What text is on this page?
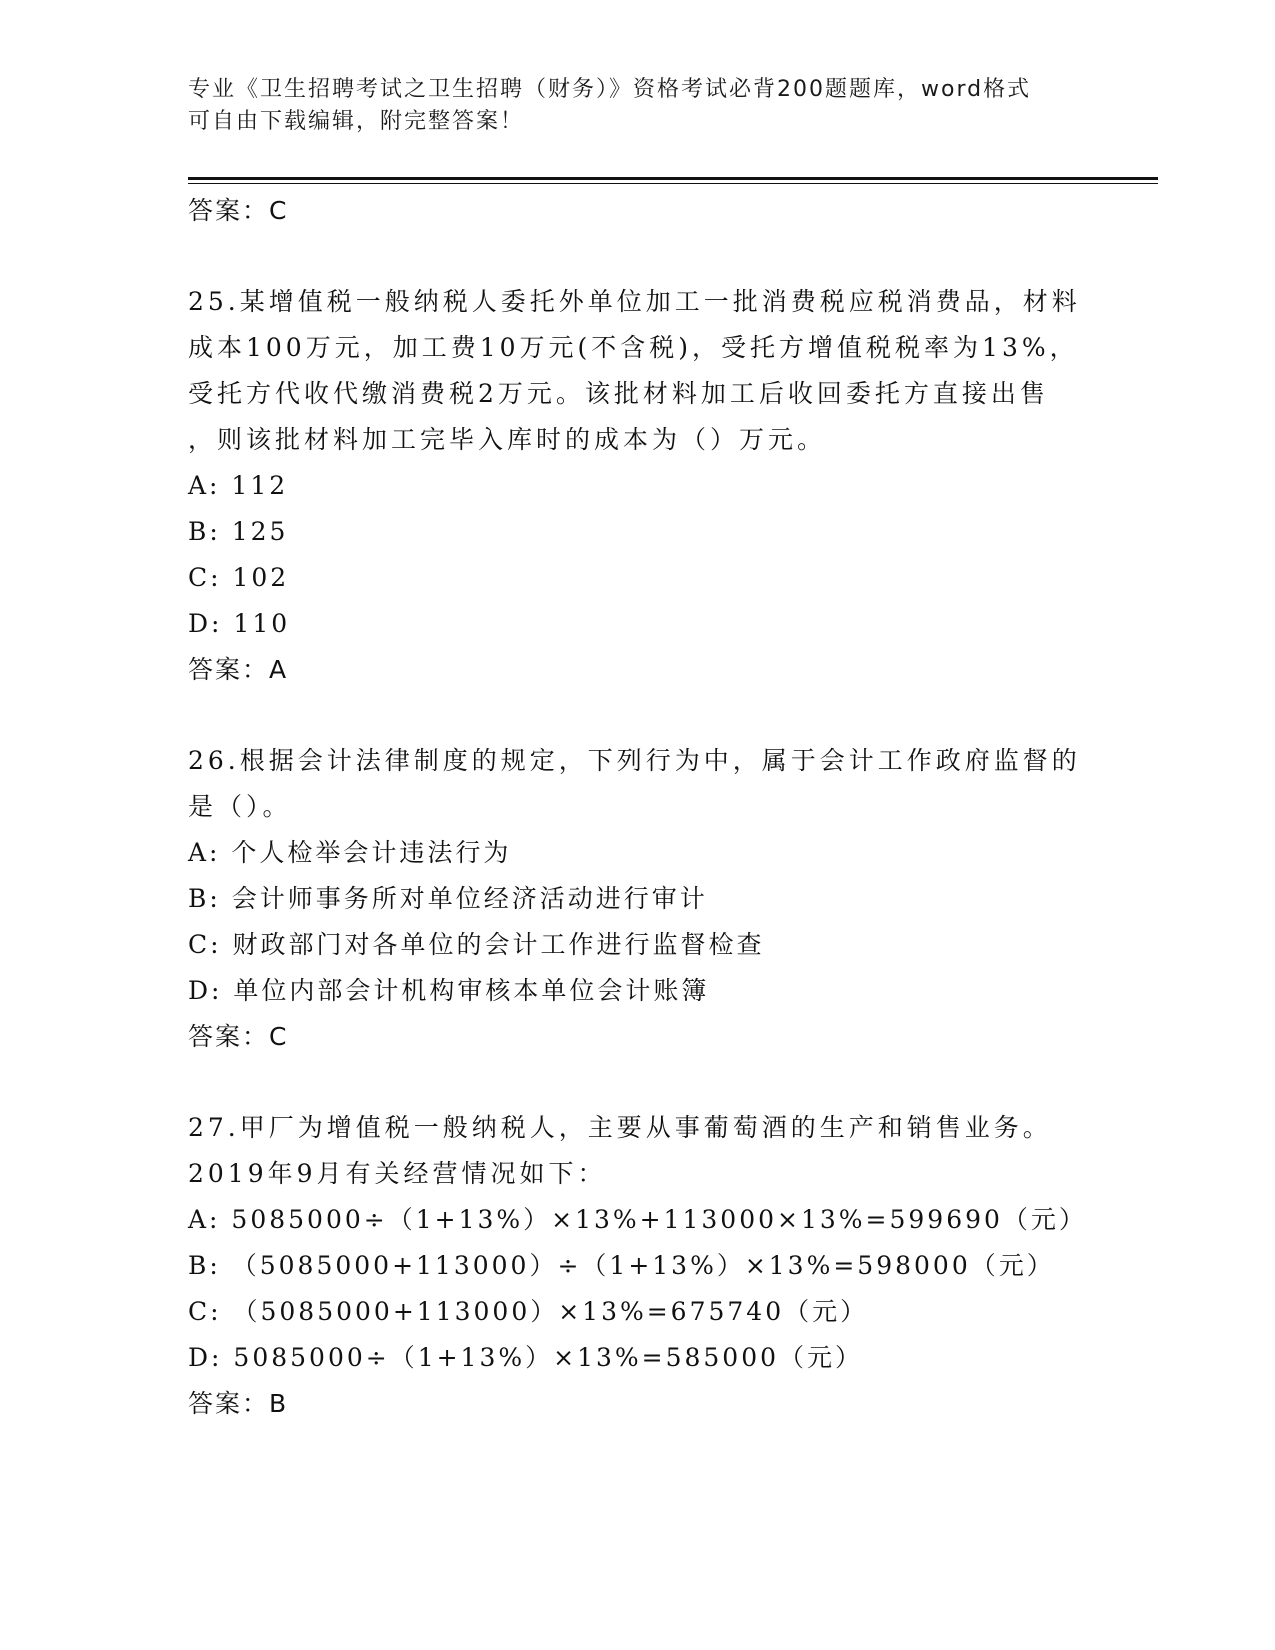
专业《卫生招聘考试之卫生招聘（财务）》资格考试必背200题题库，word格式
可自由下载编辑，附完整答案！
答案：C
25.某增值税一般纳税人委托外单位加工一批消费税应税消费品，材料
成本100万元，加工费10万元(不含税)，受托方增值税税率为13%，
受托方代收代缴消费税2万元。该批材料加工后收回委托方直接出售
，则该批材料加工完毕入库时的成本为（）万元。
A: 112
B: 125
C: 102
D: 110
答案：A
26.根据会计法律制度的规定，下列行为中，属于会计工作政府监督的
是（）。
A: 个人检举会计违法行为
B: 会计师事务所对单位经济活动进行审计
C: 财政部门对各单位的会计工作进行监督检查
D: 单位内部会计机构审核本单位会计账簿
答案：C
27.甲厂为增值税一般纳税人，主要从事葡萄酒的生产和销售业务。
2019年9月有关经营情况如下：
A: 5085000÷（1+13%）×13%+113000×13%=599690（元）
B: （5085000+113000）÷（1+13%）×13%=598000（元）
C: （5085000+113000）×13%=675740（元）
D: 5085000÷（1+13%）×13%=585000（元）
答案：B
